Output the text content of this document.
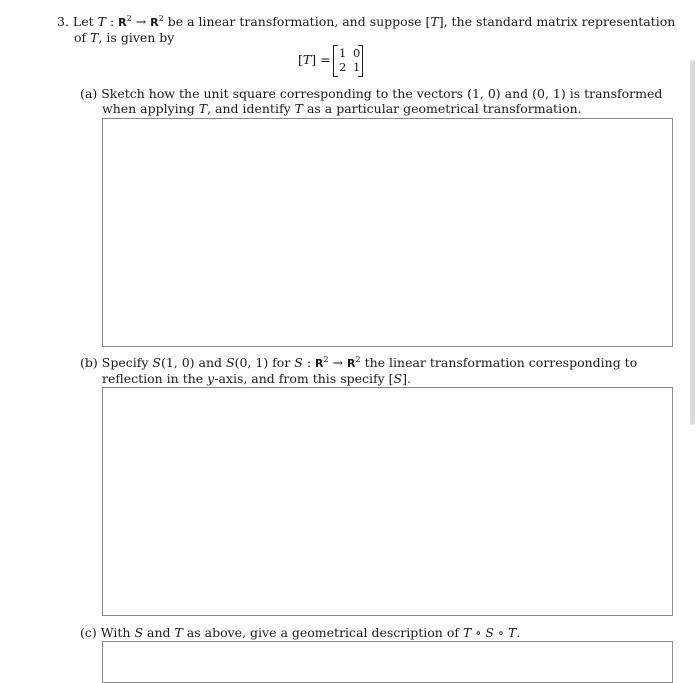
3. Let T : $R^2 \to R^2$ be a linear transformation, and suppose [T], the standard matrix representation
of T, is given by
[T] = 1 0
2 1
(a) Sketch how the unit square corresponding to the vectors (1, 0) and (0, 1) is transformed
when applying T, and identify T as a particular geometrical transformation.
(b) Specify S(1, 0) and S(0, 1) for S : $R^2 \to R^2$ the linear transformation corresponding to
reflection in the y-axis, and from this specify [S].
(c) With S and T as above, give a geometrical description of T ∘ S ∘ T.
